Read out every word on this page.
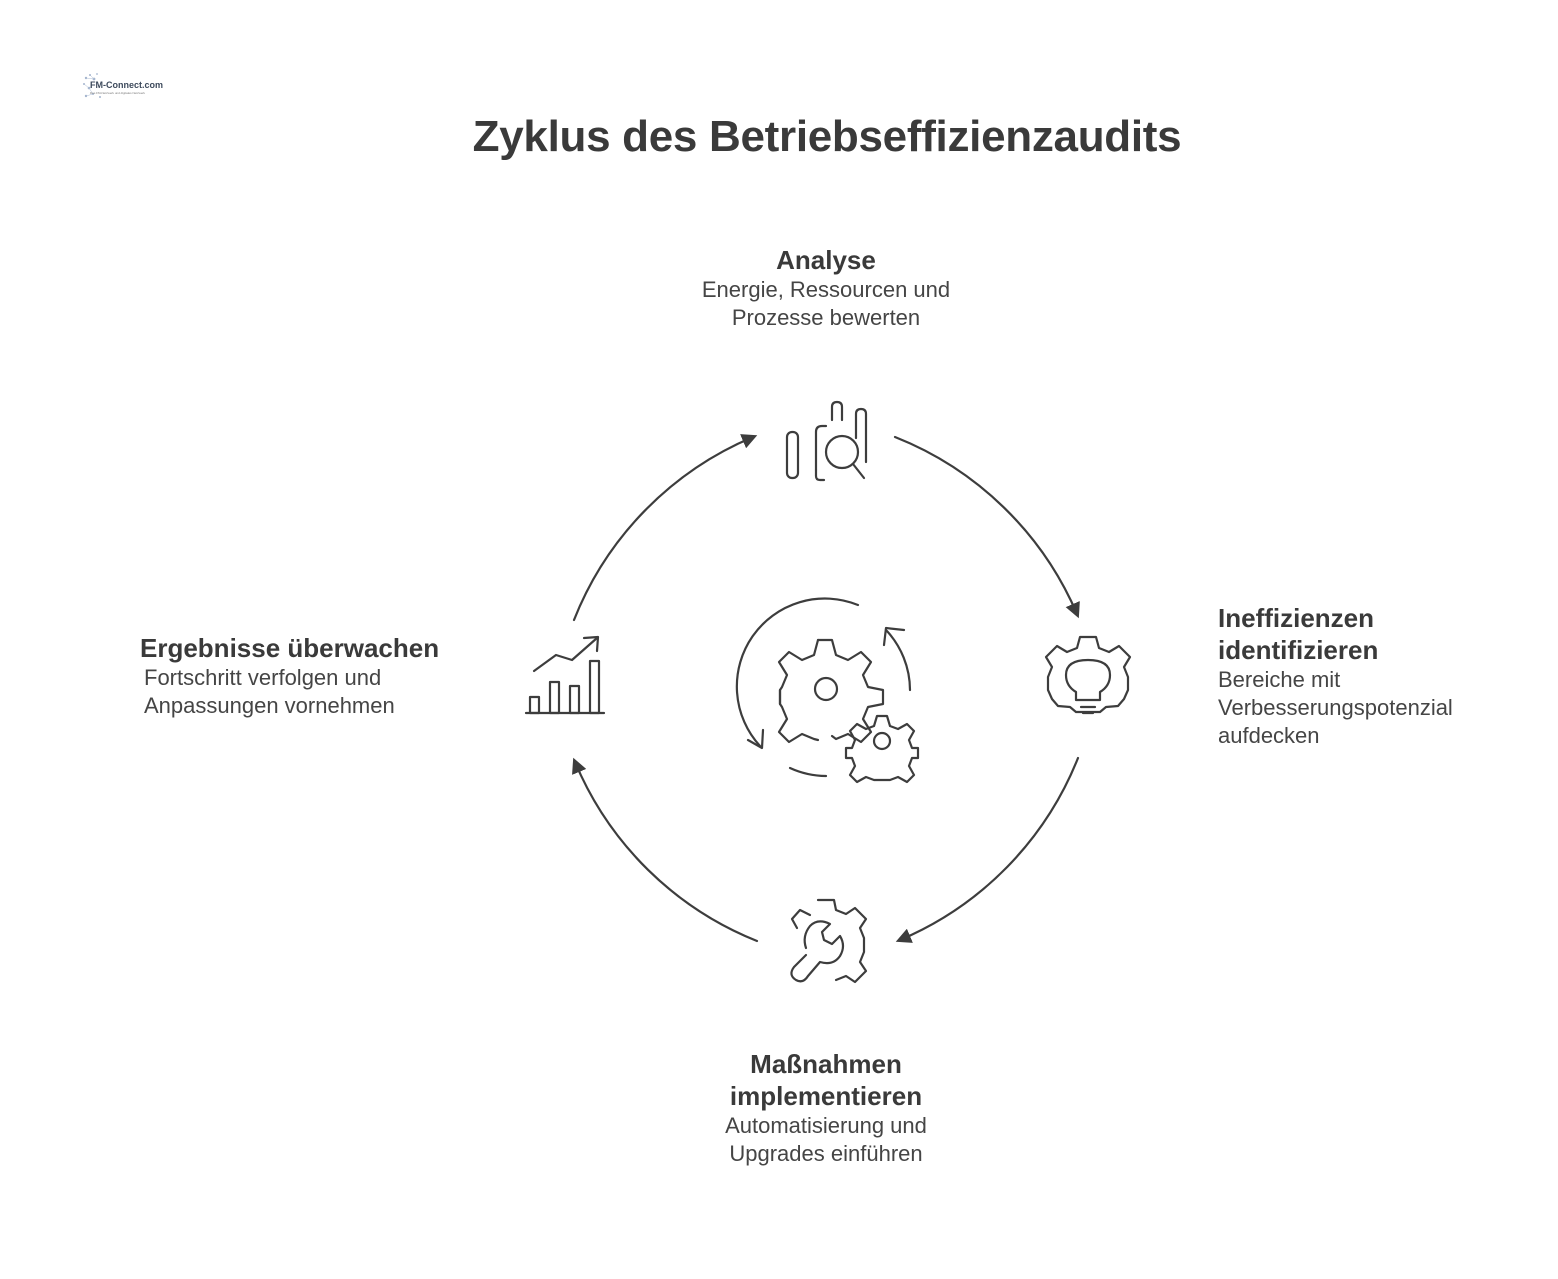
FM-Connect.com
Das FM-Netzwerk und digitales Netzwerk
Zyklus des Betriebseffizienzaudits
Analyse

Energie, Ressourcen und Prozesse bewerten

Ineffizienzen identifizieren

Bereiche mit Verbesserungspotenzial aufdecken

Maßnahmen implementieren

Automatisierung und Upgrades einführen

Ergebnisse überwachen

Fortschritt verfolgen und Anpassungen vornehmen
